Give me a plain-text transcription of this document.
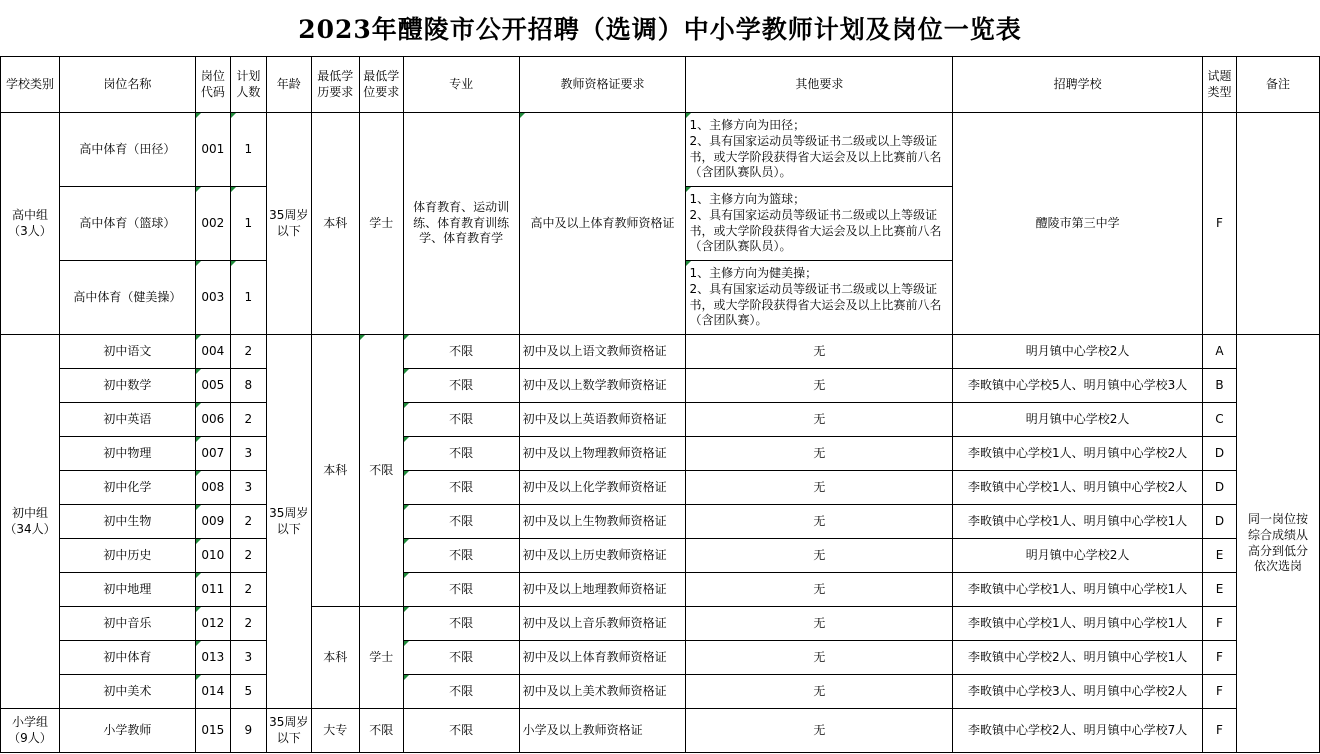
2023年醴陵市公开招聘（选调）中小学教师计划及岗位一览表
学校类别	岗位名称	岗位代码	计划人数	年龄	最低学历要求	最低学位要求	专业	教师资格证要求	其他要求	招聘学校	试题类型	备注
高中组（3人）	高中体育（田径）	001	1	35周岁以下	本科	学士	体育教育、运动训练、体育教育训练学、体育教育学	高中及以上体育教师资格证	1、主修方向为田径；
2、具有国家运动员等级证书二级或以上等级证书，或大学阶段获得省大运会及以上比赛前八名（含团队赛队员）。	醴陵市第三中学	F	
	高中体育（篮球）	002	1						1、主修方向为篮球；
2、具有国家运动员等级证书二级或以上等级证书，或大学阶段获得省大运会及以上比赛前八名（含团队赛队员）。			
	高中体育（健美操）	003	1						1、主修方向为健美操；
2、具有国家运动员等级证书二级或以上等级证书，或大学阶段获得省大运会及以上比赛前八名（含团队赛）。			
初中组（34人）	初中语文	004	2	35周岁以下	本科	不限	不限	初中及以上语文教师资格证	无	明月镇中心学校2人	A	同一岗位按综合成绩从高分到低分依次选岗
	初中数学	005	8				不限	初中及以上数学教师资格证	无	李畋镇中心学校5人、明月镇中心学校3人	B	
	初中英语	006	2				不限	初中及以上英语教师资格证	无	明月镇中心学校2人	C	
	初中物理	007	3				不限	初中及以上物理教师资格证	无	李畋镇中心学校1人、明月镇中心学校2人	D	
	初中化学	008	3				不限	初中及以上化学教师资格证	无	李畋镇中心学校1人、明月镇中心学校2人	D	
	初中生物	009	2				不限	初中及以上生物教师资格证	无	李畋镇中心学校1人、明月镇中心学校1人	D	
	初中历史	010	2				不限	初中及以上历史教师资格证	无	明月镇中心学校2人	E	
	初中地理	011	2				不限	初中及以上地理教师资格证	无	李畋镇中心学校1人、明月镇中心学校1人	E	
	初中音乐	012	2		本科	学士	不限	初中及以上音乐教师资格证	无	李畋镇中心学校1人、明月镇中心学校1人	F	
	初中体育	013	3				不限	初中及以上体育教师资格证	无	李畋镇中心学校2人、明月镇中心学校1人	F	
	初中美术	014	5				不限	初中及以上美术教师资格证	无	李畋镇中心学校3人、明月镇中心学校2人	F	
小学组（9人）	小学教师	015	9	35周岁以下	大专	不限	不限	小学及以上教师资格证	无	李畋镇中心学校2人、明月镇中心学校7人	F	
